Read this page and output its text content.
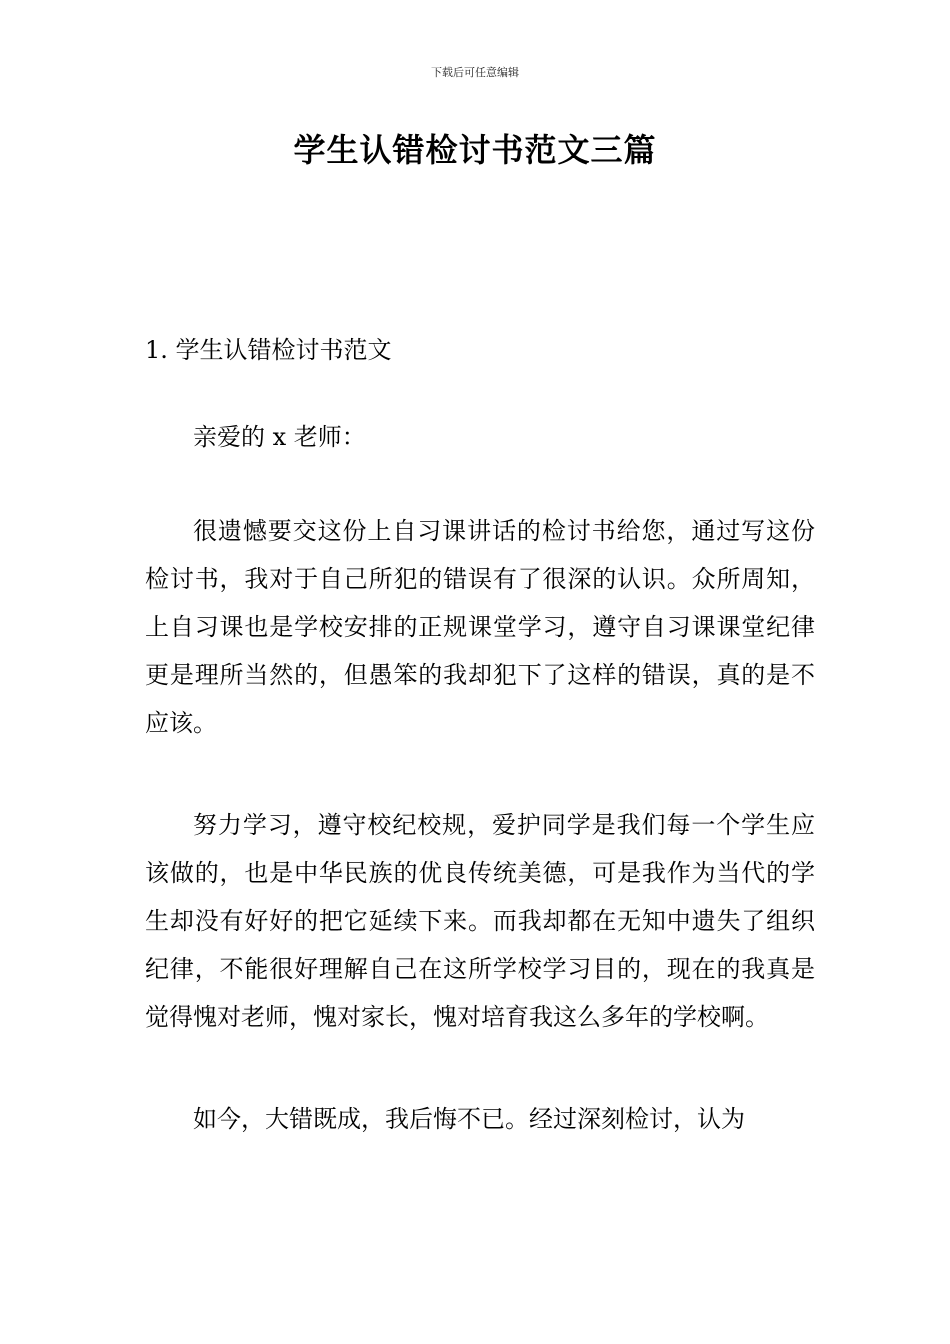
下载后可任意编辑
学生认错检讨书范文三篇
1. 学生认错检讨书范文

亲爱的 x 老师：

很遗憾要交这份上自习课讲话的检讨书给您，通过写这份检讨书，我对于自己所犯的错误有了很深的认识。众所周知，上自习课也是学校安排的正规课堂学习，遵守自习课课堂纪律更是理所当然的，但愚笨的我却犯下了这样的错误，真的是不应该。

努力学习，遵守校纪校规，爱护同学是我们每一个学生应该做的，也是中华民族的优良传统美德，可是我作为当代的学生却没有好好的把它延续下来。而我却都在无知中遗失了组织纪律，不能很好理解自己在这所学校学习目的，现在的我真是觉得愧对老师，愧对家长，愧对培育我这么多年的学校啊。

如今，大错既成，我后悔不已。经过深刻检讨，认为
